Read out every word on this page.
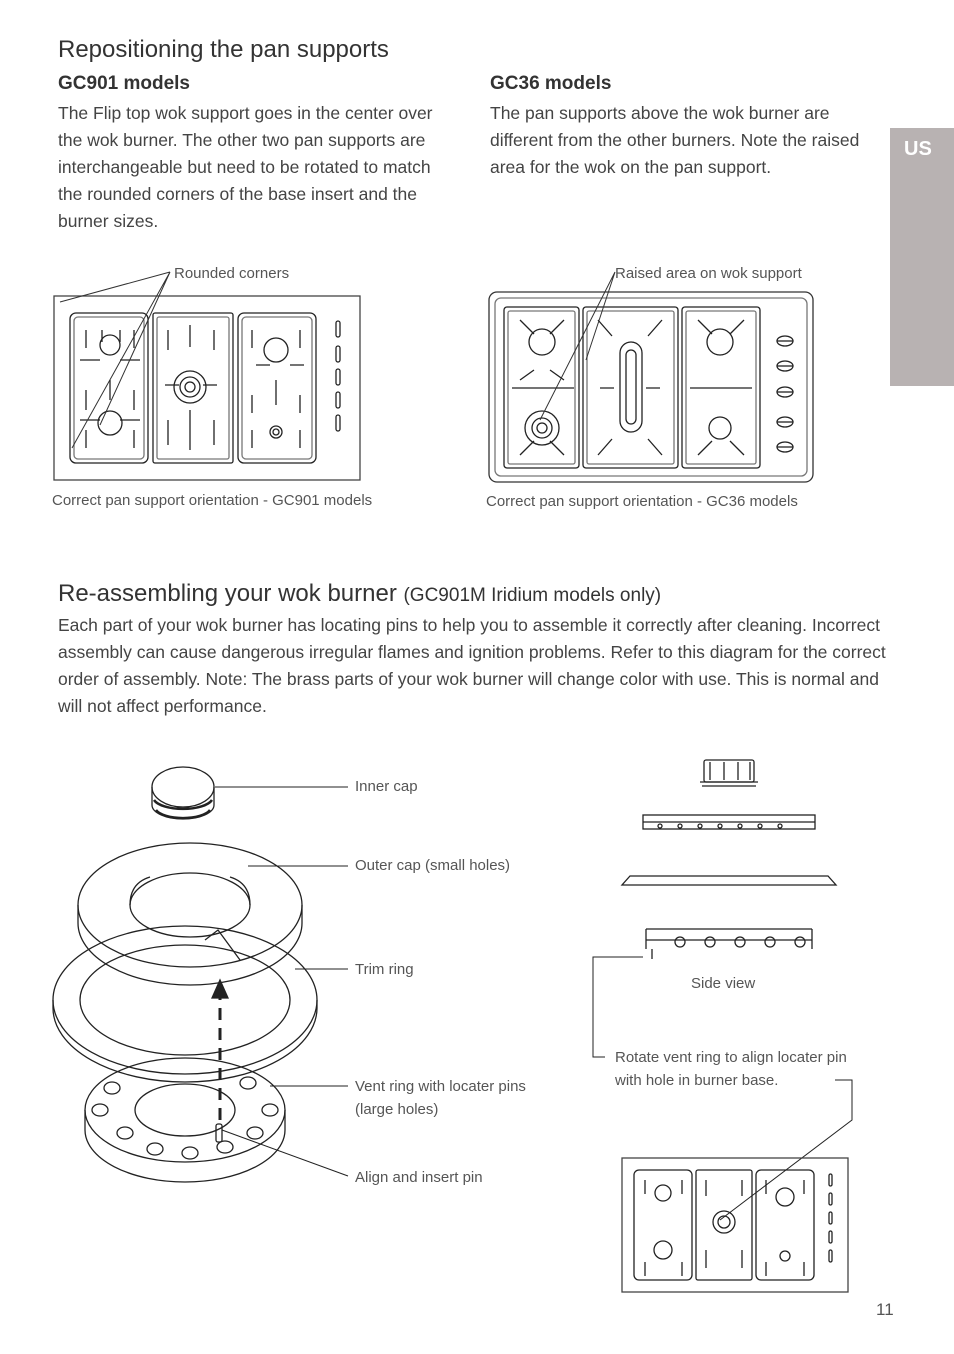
Repositioning the pan supports
GC901 models
The Flip top wok support goes in the center over the wok burner. The other two pan supports are interchangeable but need to be rotated to match the rounded corners of the base insert and the burner sizes.
GC36 models
The pan supports above the wok burner are different from the other burners. Note the raised area for the wok on the pan support.
US
Rounded corners	Raised area on wok support
Correct pan support orientation - GC901 models	Correct pan support orientation - GC36 models
Re-assembling your wok burner (GC901M Iridium models only)
Each part of your wok burner has locating pins to help you to assemble it correctly after cleaning. Incorrect assembly can cause dangerous irregular flames and ignition problems. Refer to this diagram for the correct order of assembly. Note: The brass parts of your wok burner will change color with use. This is normal and will not affect performance.
Inner cap
Outer cap (small holes)
Trim ring
Vent ring with locater pins (large holes)
Align and insert pin
Side view
Rotate vent ring to align locater pin with hole in burner base.
11
